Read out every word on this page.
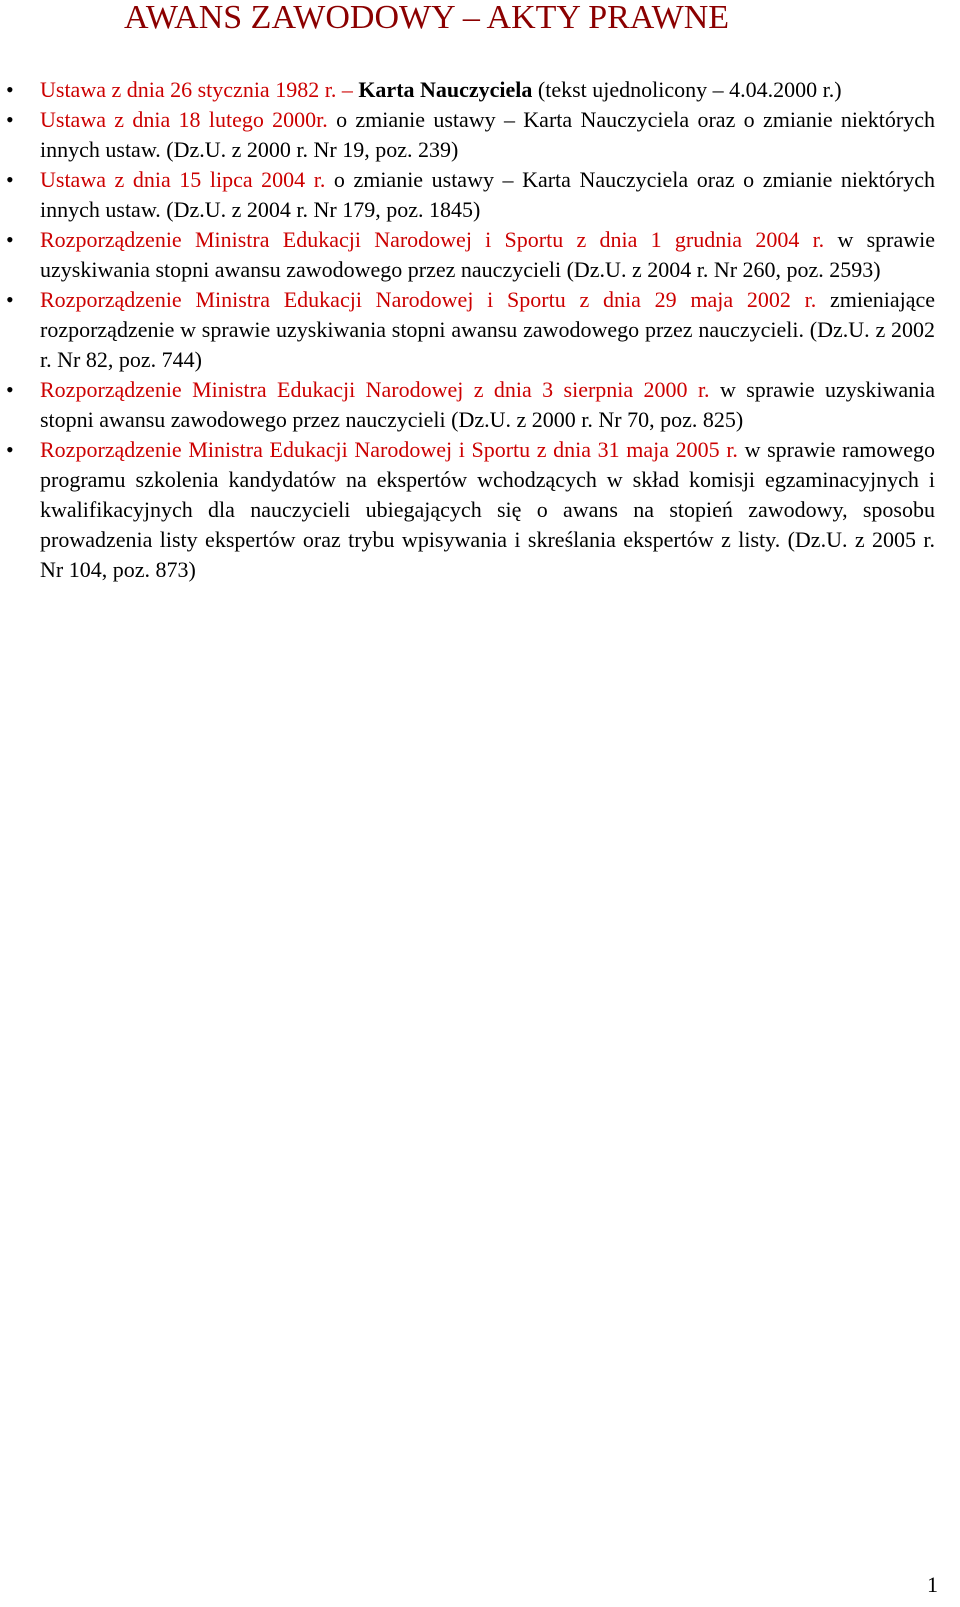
AWANS ZAWODOWY – AKTY PRAWNE
• Ustawa z dnia 26 stycznia 1982 r. – Karta Nauczyciela (tekst ujednolicony – 4.04.2000 r.)
• Ustawa z dnia 18 lutego 2000r. o zmianie ustawy – Karta Nauczyciela oraz o zmianie niektórych innych ustaw. (Dz.U. z 2000 r. Nr 19, poz. 239)
• Ustawa z dnia 15 lipca 2004 r. o zmianie ustawy – Karta Nauczyciela oraz o zmianie niektórych innych ustaw. (Dz.U. z 2004 r. Nr 179, poz. 1845)
• Rozporządzenie Ministra Edukacji Narodowej i Sportu z dnia 1 grudnia 2004 r. w sprawie uzyskiwania stopni awansu zawodowego przez nauczycieli (Dz.U. z 2004 r. Nr 260, poz. 2593)
• Rozporządzenie Ministra Edukacji Narodowej i Sportu z dnia 29 maja 2002 r. zmieniające rozporządzenie w sprawie uzyskiwania stopni awansu zawodowego przez nauczycieli. (Dz.U. z 2002 r. Nr 82, poz. 744)
• Rozporządzenie Ministra Edukacji Narodowej z dnia 3 sierpnia 2000 r. w sprawie uzyskiwania stopni awansu zawodowego przez nauczycieli (Dz.U. z 2000 r. Nr 70, poz. 825)
• Rozporządzenie Ministra Edukacji Narodowej i Sportu z dnia 31 maja 2005 r. w sprawie ramowego programu szkolenia kandydatów na ekspertów wchodzących w skład komisji egzaminacyjnych i kwalifikacyjnych dla nauczycieli ubiegających się o awans na stopień zawodowy, sposobu prowadzenia listy ekspertów oraz trybu wpisywania i skreślania ekspertów z listy. (Dz.U. z 2005 r. Nr 104, poz. 873)
1
